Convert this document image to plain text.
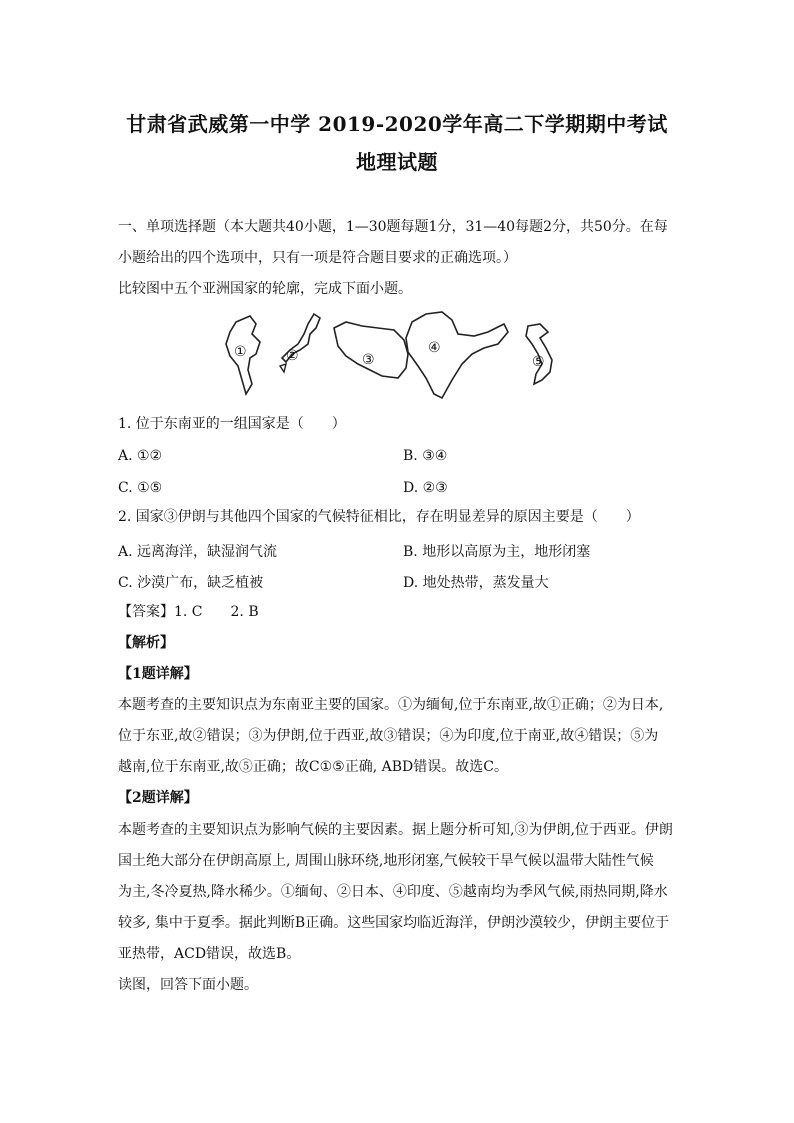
甘肃省武威第一中学 2019-2020学年高二下学期期中考试
地理试题
一、单项选择题（本大题共40小题，1—30题每题1分，31—40每题2分，共50分。在每
小题给出的四个选项中，只有一项是符合题目要求的正确选项。）
比较图中五个亚洲国家的轮廓，完成下面小题。
①	②	③
④
⑤
1. 位于东南亚的一组国家是（　　）
A. ①②	B. ③④
C. ①⑤	D. ②③
2. 国家③伊朗与其他四个国家的气候特征相比，存在明显差异的原因主要是（　　）
A. 远离海洋，缺湿润气流	B. 地形以高原为主，地形闭塞
C. 沙漠广布，缺乏植被	D. 地处热带，蒸发量大
【答案】1. C　　2. B
【解析】
【1题详解】
本题考查的主要知识点为东南亚主要的国家。①为缅甸,位于东南亚,故①正确；②为日本,
位于东亚,故②错误；③为伊朗,位于西亚,故③错误；④为印度,位于南亚,故④错误；⑤为
越南,位于东南亚,故⑤正确；故C①⑤正确, ABD错误。故选C。
【2题详解】
本题考查的主要知识点为影响气候的主要因素。据上题分析可知,③为伊朗,位于西亚。伊朗
国土绝大部分在伊朗高原上, 周围山脉环绕,地形闭塞,气候较干旱气候以温带大陆性气候
为主,冬冷夏热,降水稀少。①缅甸、②日本、④印度、⑤越南均为季风气候,雨热同期,降水
较多, 集中于夏季。据此判断B正确。这些国家均临近海洋，伊朗沙漠较少，伊朗主要位于
亚热带，ACD错误，故选B。
读图，回答下面小题。
